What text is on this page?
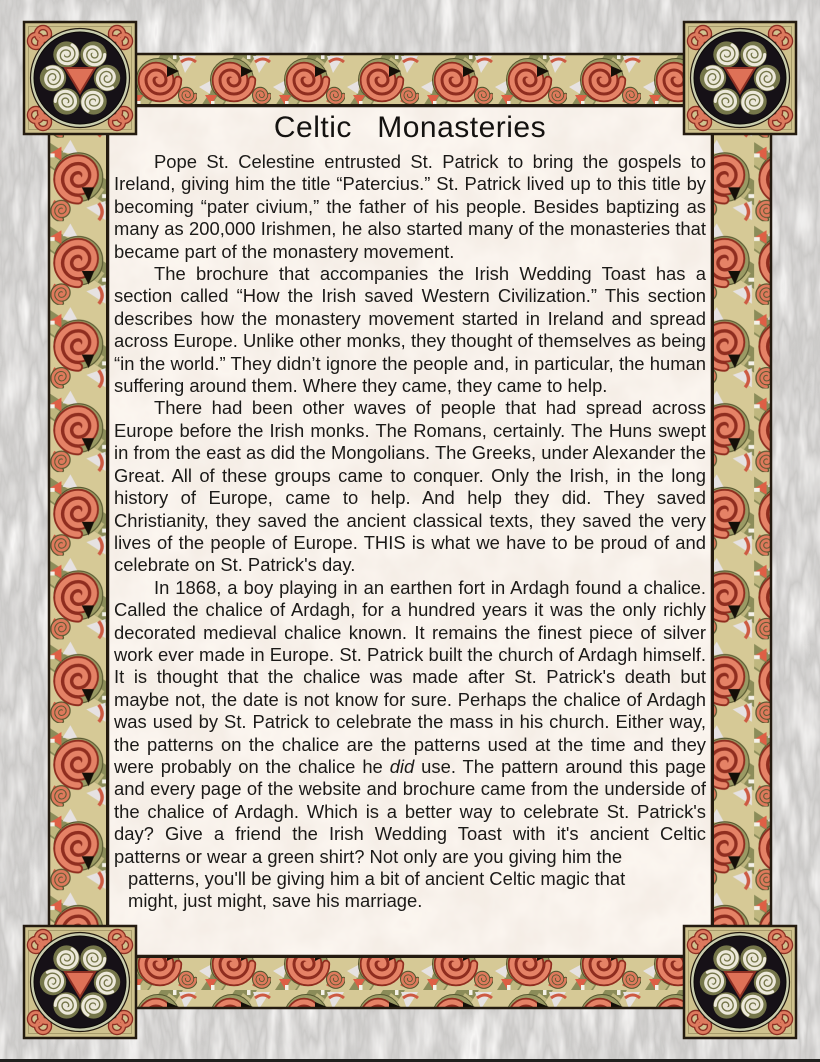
Celtic Monasteries

Pope St. Celestine entrusted St. Patrick to bring the gospels to Ireland, giving him the title “Patercius.” St. Patrick lived up to this title by becoming “pater civium,” the father of his people. Besides baptizing as many as 200,000 Irishmen, he also started many of the monasteries that became part of the monastery movement.

The brochure that accompanies the Irish Wedding Toast has a section called “How the Irish saved Western Civilization.” This section describes how the monastery movement started in Ireland and spread across Europe. Unlike other monks, they thought of themselves as being “in the world.” They didn’t ignore the people and, in particular, the human suffering around them. Where they came, they came to help.

There had been other waves of people that had spread across Europe before the Irish monks. The Romans, certainly. The Huns swept in from the east as did the Mongolians. The Greeks, under Alexander the Great. All of these groups came to conquer. Only the Irish, in the long history of Europe, came to help. And help they did. They saved Christianity, they saved the ancient classical texts, they saved the very lives of the people of Europe. THIS is what we have to be proud of and celebrate on St. Patrick's day.

In 1868, a boy playing in an earthen fort in Ardagh found a chalice. Called the chalice of Ardagh, for a hundred years it was the only richly decorated medieval chalice known. It remains the finest piece of silver work ever made in Europe. St. Patrick built the church of Ardagh himself. It is thought that the chalice was made after St. Patrick's death but maybe not, the date is not know for sure. Perhaps the chalice of Ardagh was used by St. Patrick to celebrate the mass in his church. Either way, the patterns on the chalice are the patterns used at the time and they were probably on the chalice he did use. The pattern around this page and every page of the website and brochure came from the underside of the chalice of Ardagh. Which is a better way to celebrate St. Patrick's day? Give a friend the Irish Wedding Toast with it's ancient Celtic patterns or wear a green shirt? Not only are you giving him the
patterns, you'll be giving him a bit of ancient Celtic magic that might, just might, save his marriage.
